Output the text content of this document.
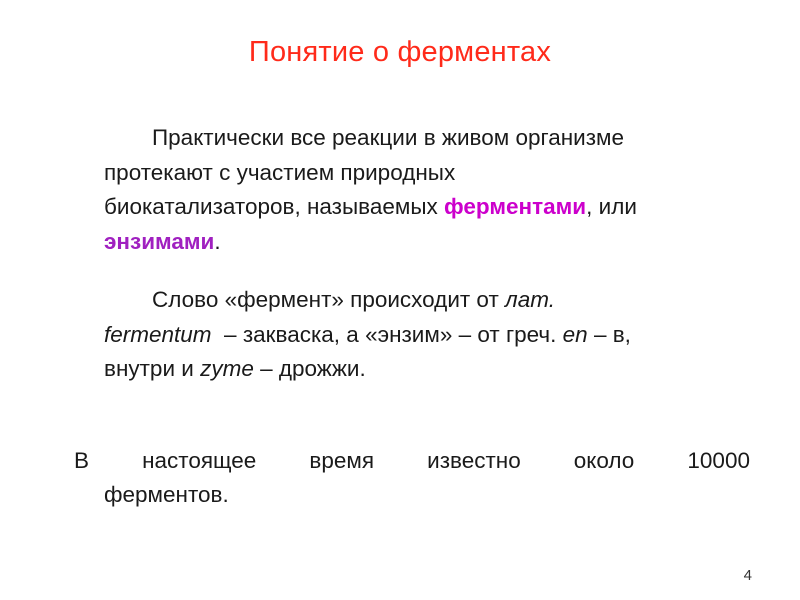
Понятие о ферментах
Практически все реакции в живом организме
протекают с участием природных
биокатализаторов, называемых ферментами, или
энзимами.
Слово «фермент» происходит от лат.
fermentum  – закваска, а «энзим» – от греч. en – в,
внутри и zyme – дрожжи.
В настоящее время известно около 10000
ферментов.
4
